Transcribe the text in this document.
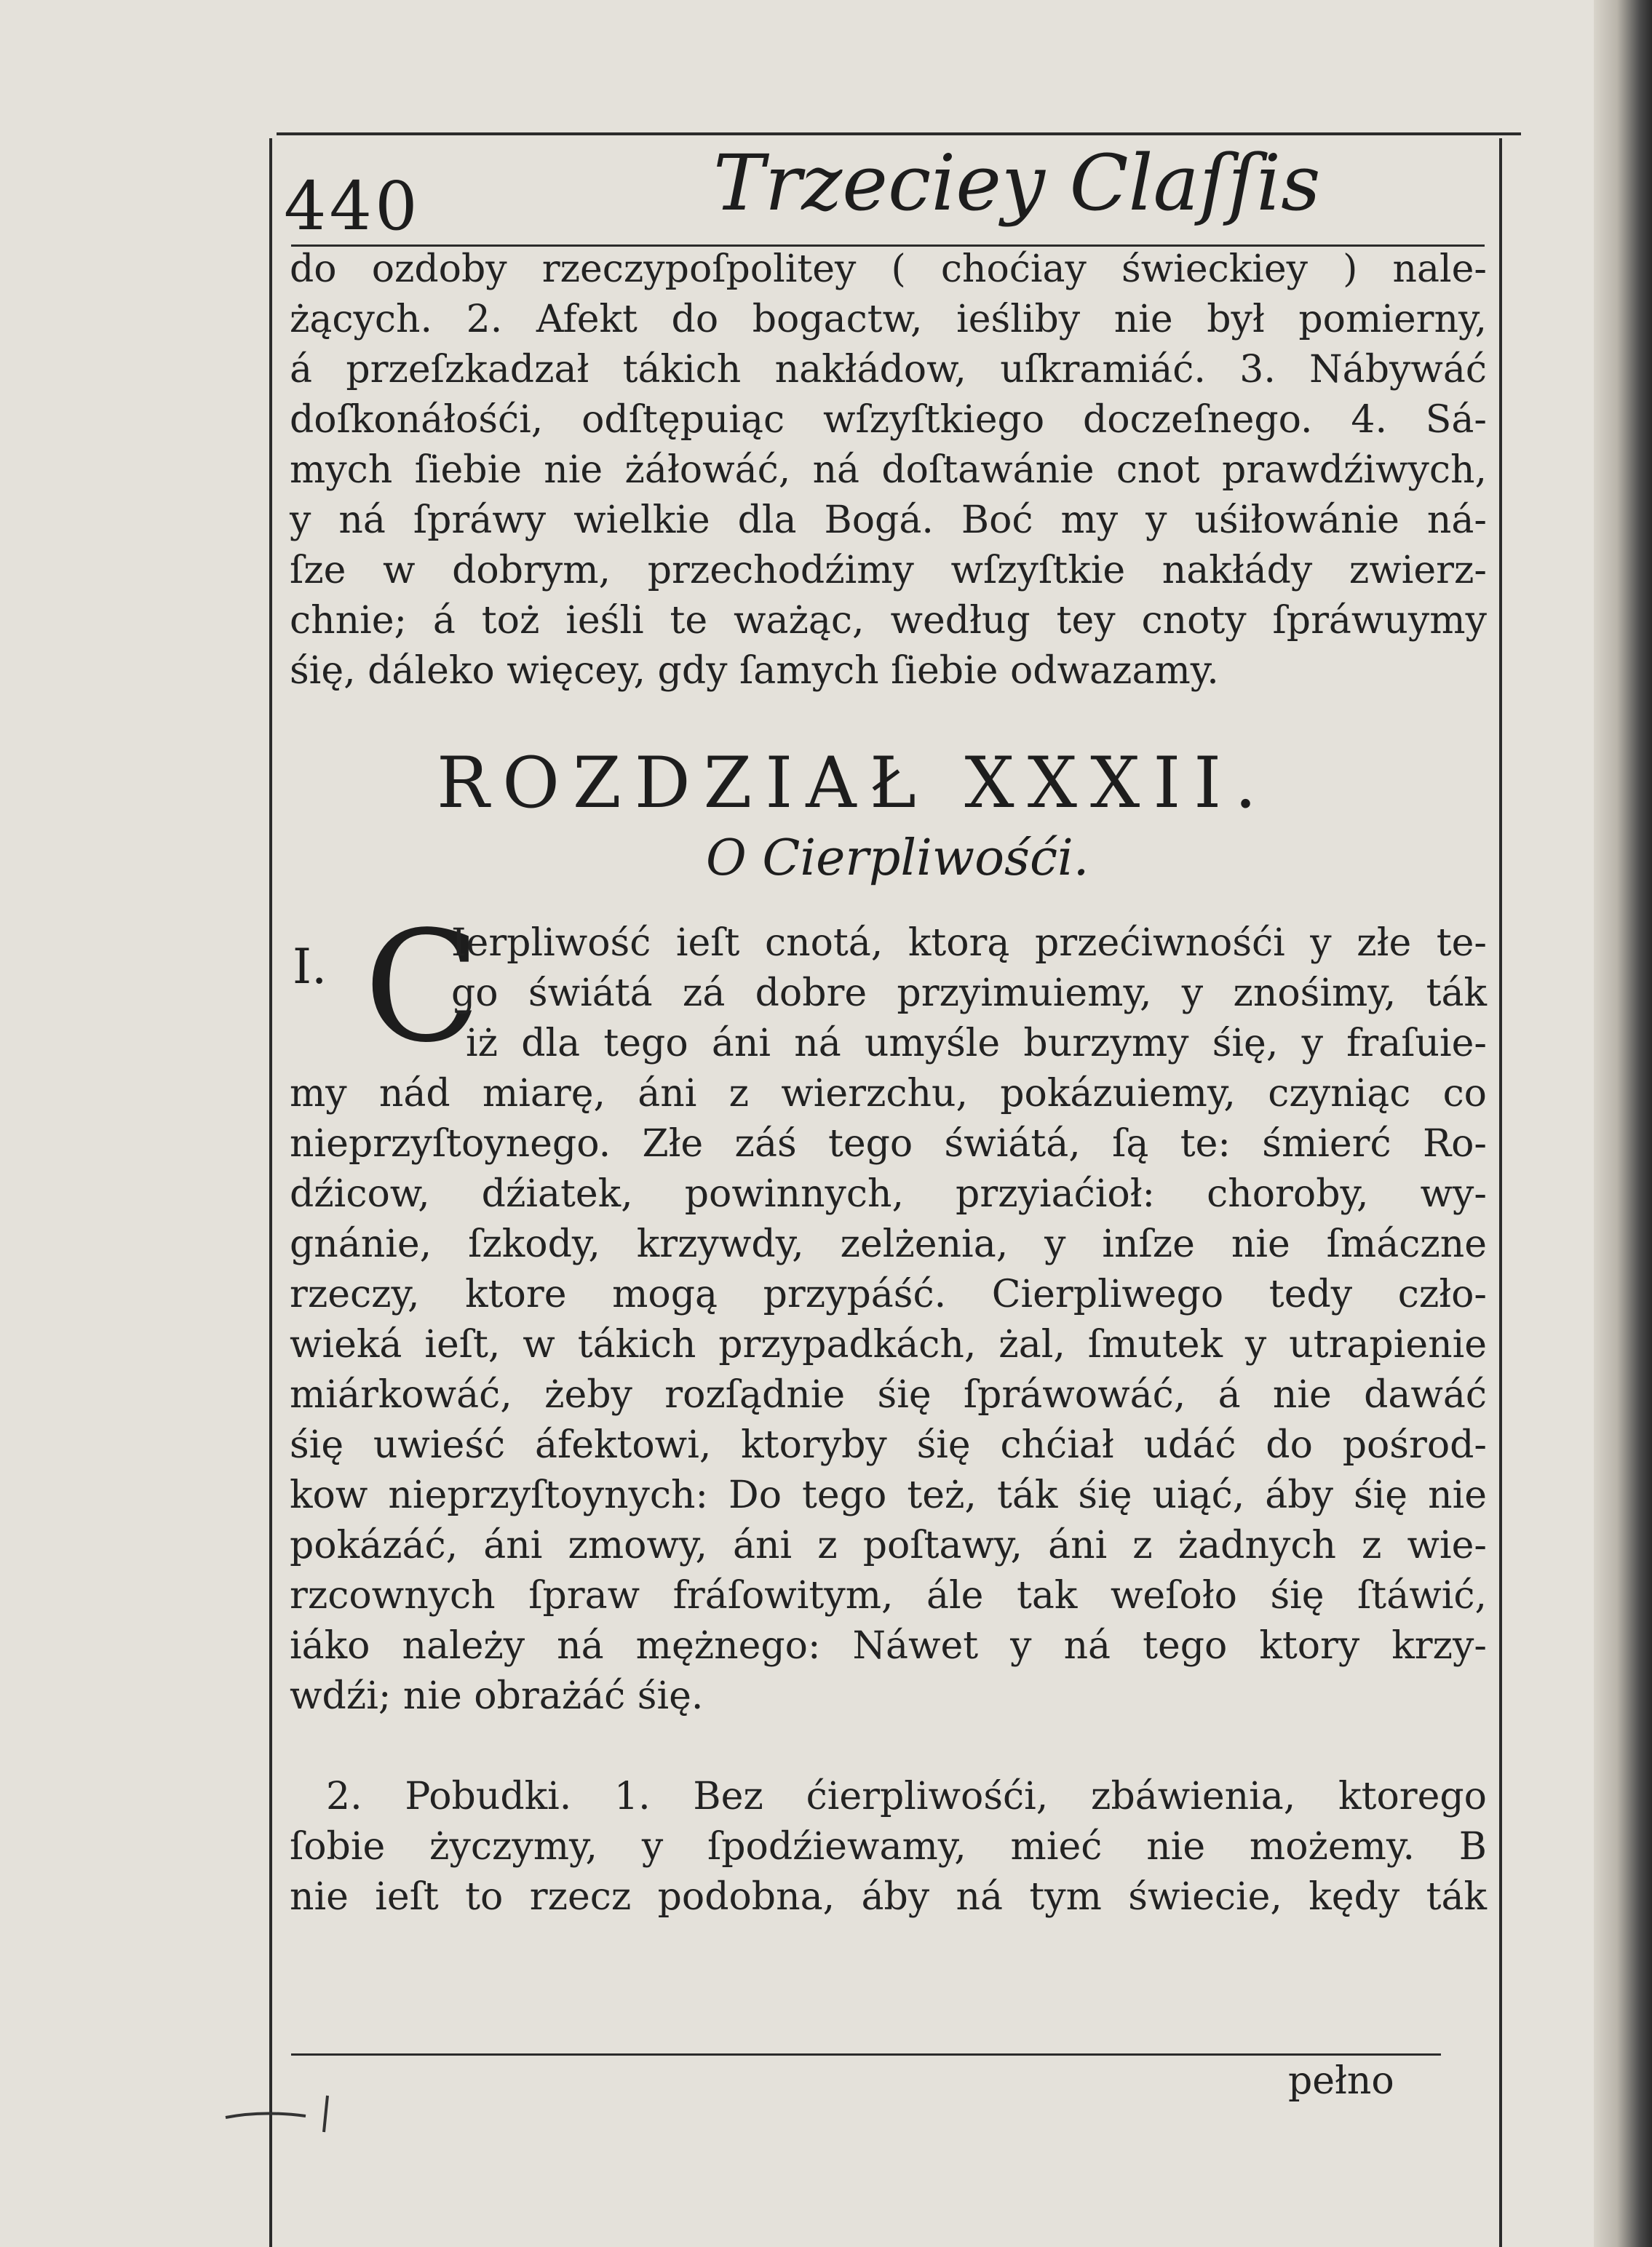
440	Trzeciey Claſſis
do ozdoby rzeczypoſpolitey ( choćiay świeckiey ) nale-
żących. 2. Afekt do bogactw, ieśliby nie był pomierny,
á przeſzkadzał tákich nakłádow, uſkramiáć. 3. Nábywáć
doſkonáłośći, odſtępuiąc wſzyſtkiego doczeſnego. 4. Sá-
mych ſiebie nie żáłowáć, ná doſtawánie cnot prawdźiwych,
y ná ſpráwy wielkie dla Bogá. Boć my y uśiłowánie ná-
ſze w dobrym, przechodźimy wſzyſtkie nakłády zwierz-
chnie; á toż ieśli te ważąc, według tey cnoty ſpráwuymy
śię, dáleko więcey, gdy ſamych ſiebie odwazamy.
ROZDZIAŁ XXXII.
O Cierpliwośći.
I. C
Ierpliwość ieſt cnotá, ktorą przećiwnośći y złe te-
go świátá zá dobre przyimuiemy, y znośimy, ták
iż dla tego áni ná umyśle burzymy śię, y fraſuie-
my nád miarę, áni z wierzchu, pokázuiemy, czyniąc co
nieprzyſtoynego. Złe záś tego świátá, ſą te: śmierć Ro-
dźicow, dźiatek, powinnych, przyiaćioł: choroby, wy-
gnánie, ſzkody, krzywdy, zelżenia, y inſze nie ſmáczne
rzeczy, ktore mogą przypáść. Cierpliwego tedy czło-
wieká ieſt, w tákich przypadkách, żal, ſmutek y utrapienie
miárkowáć, żeby rozſądnie śię ſpráwowáć, á nie dawáć
śię uwieść áfektowi, ktoryby śię chćiał udáć do pośrod-
kow nieprzyſtoynych: Do tego też, ták śię uiąć, áby śię nie
pokázáć, áni zmowy, áni z poſtawy, áni z żadnych z wie-
rzcownych ſpraw fráſowitym, ále tak weſoło śię ſtáwić,
iáko należy ná mężnego: Náwet y ná tego ktory krzy-
wdźi; nie obrażáć śię.
2. Pobudki. 1. Bez ćierpliwośći, zbáwienia, ktorego
ſobie życzymy, y ſpodźiewamy, mieć nie możemy. B
nie ieſt to rzecz podobna, áby ná tym świecie, kędy ták
pełno
